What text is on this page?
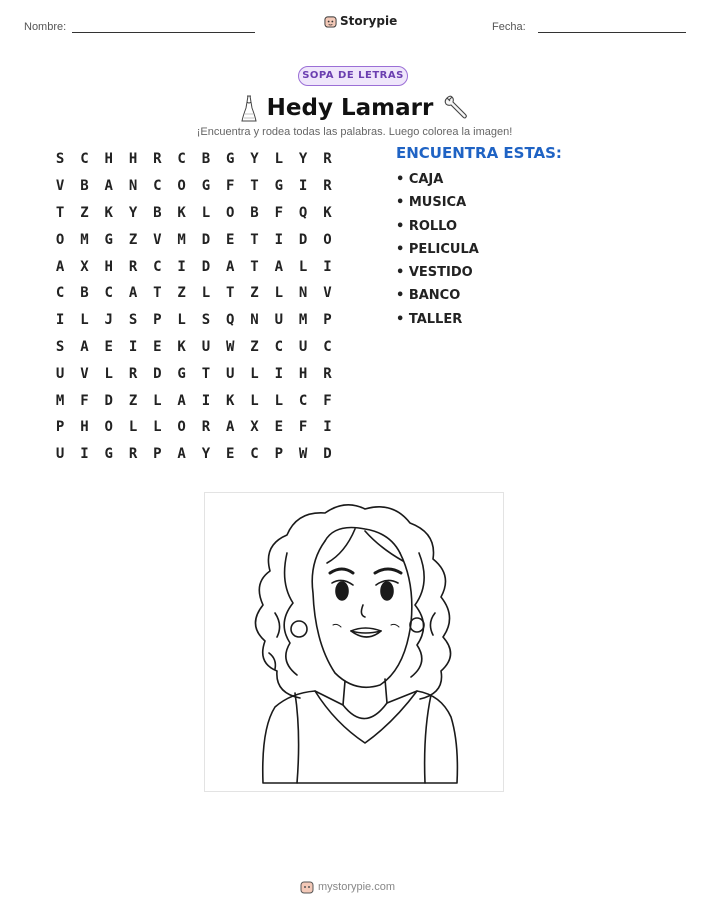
Nombre:	Storypie	Fecha:
SOPA DE LETRAS
Hedy Lamarr
¡Encuentra y rodea todas las palabras. Luego colorea la imagen!
S	C	H	H	R	C	B	G	Y	L	Y	R
V	B	A	N	C	O	G	F	T	G	I	R
T	Z	K	Y	B	K	L	O	B	F	Q	K
O	M	G	Z	V	M	D	E	T	I	D	O
A	X	H	R	C	I	D	A	T	A	L	I
C	B	C	A	T	Z	L	T	Z	L	N	V
I	L	J	S	P	L	S	Q	N	U	M	P
S	A	E	I	E	K	U	W	Z	C	U	C
U	V	L	R	D	G	T	U	L	I	H	R
M	F	D	Z	L	A	I	K	L	L	C	F
P	H	O	L	L	O	R	A	X	E	F	I
U	I	G	R	P	A	Y	E	C	P	W	D
ENCUENTRA ESTAS:
• CAJA
• MUSICA
• ROLLO
• PELICULA
• VESTIDO
• BANCO
• TALLER
mystorypie.com
